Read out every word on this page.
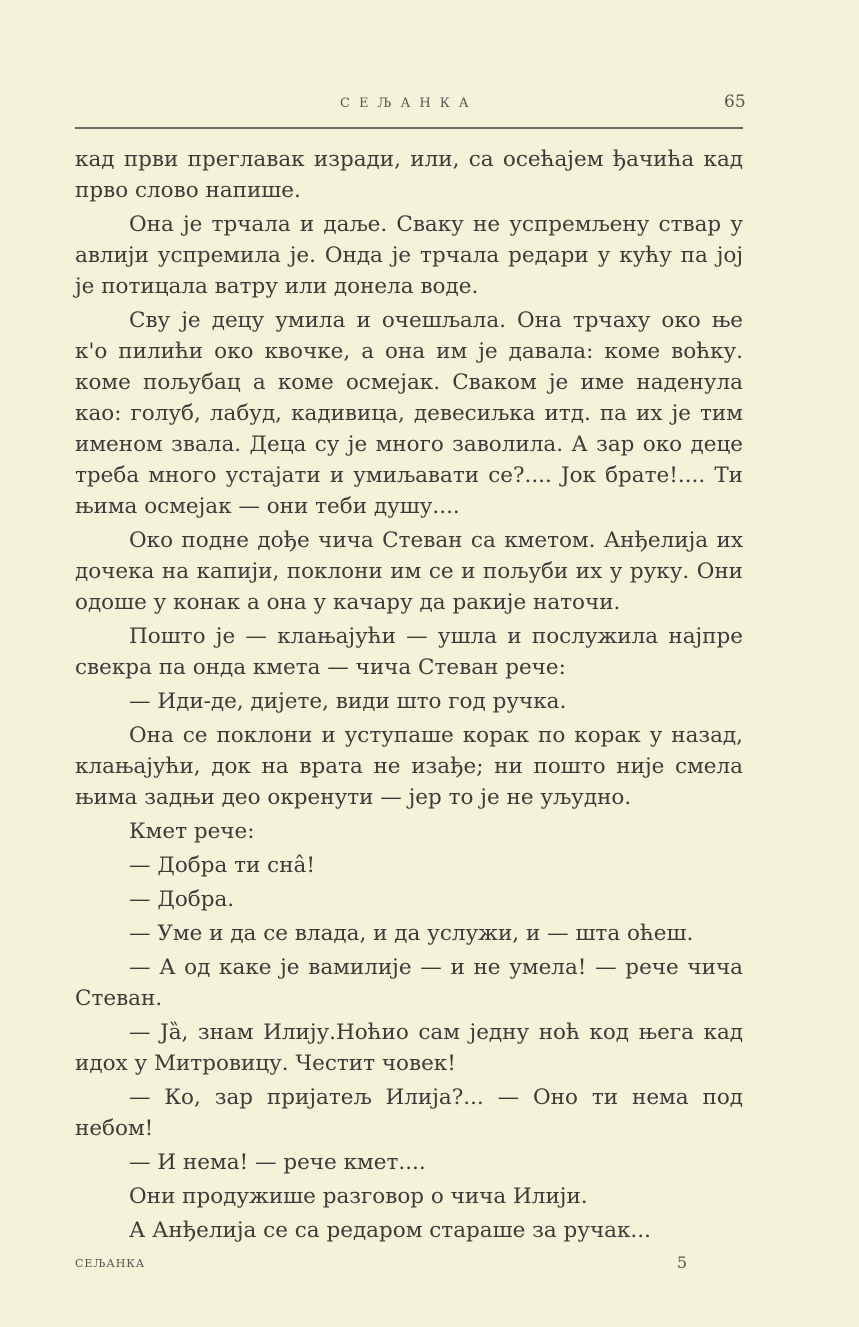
СЕЉАНКА	65

кад први преглавак изради, или, са осећајем ђачића кад прво слово напише.

Она је трчала и даље. Сваку не успремљену ствар у авлији успремила је. Онда је трчала редари у кућу па јој је потицала ватру или донела воде.

Сву је децу умила и очешљала. Она трчаху око ње к'о пилићи око квочке, а она им је давала: коме воћку. коме пољубац а коме осмејак. Сваком је име наденула као: голуб, лабуд, кадивица, девесиљка итд. па их је тим именом звала. Деца су је много заволила. А зар око деце треба много устајати и умиљавати се?.... Јок брате!.... Ти њима осмејак — они теби душу....

Око подне дође чича Стеван са кметом. Анђелија их дочека на капији, поклони им се и пољуби их у руку. Они одоше у конак а она у качару да ракије наточи.

Пошто је — клањајући — ушла и послужила најпре свекра па онда кмета — чича Стеван рече:

— Иди-де, дијете, види што год ручка.

Она се поклони и уступаше корак по корак у назад, клањајући, док на врата не изађе; ни пошто није смела њима задњи део окренути — јер то је не уљудно.

Кмет рече:

— Добра ти сна̂!

— Добра.

— Уме и да се влада, и да услужи, и — шта oћеш.

— А од каке је вамилије — и не умела! — рече чича Стеван.

— Jȁ, знам Илију.Ноћио сам једну ноћ код њега кад идох у Митровицу. Честит човек!

— Ко, зар пријатељ Илија?... — Оно ти нема под небом!

— И нема! — рече кмет....

Они продужише разговор о чича Илији.

А Анђелија се са редаром стараше за ручак...

СЕЉАНКА	5
